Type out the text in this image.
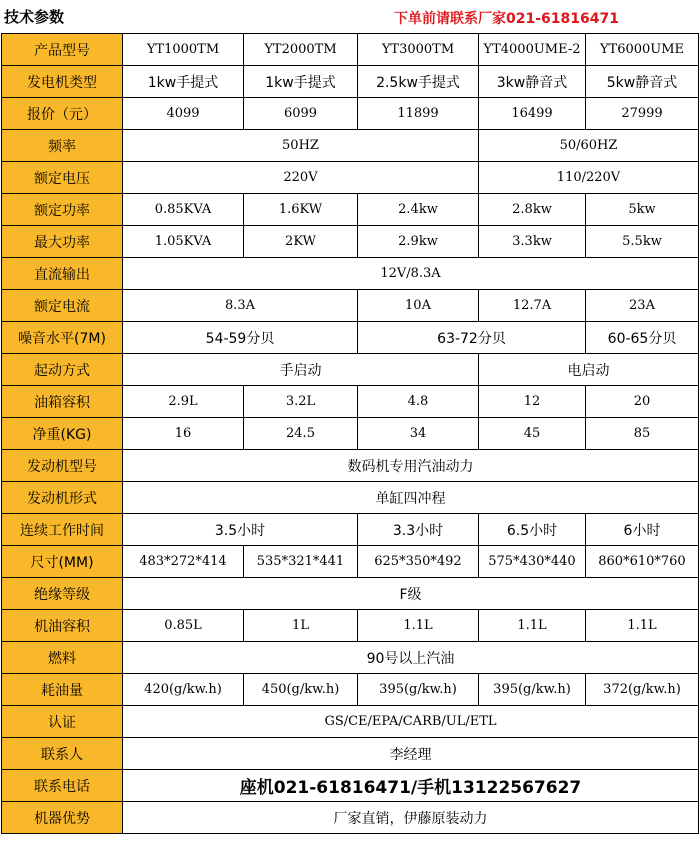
技术参数	下单前请联系厂家021-61816471
产品型号	YT1000TM	YT2000TM	YT3000TM	YT4000UME-2	YT6000UME
发电机类型	1kw手提式	1kw手提式	2.5kw手提式	3kw静音式	5kw静音式
报价（元）	4099	6099	11899	16499	27999
频率	50HZ			50/60HZ	
额定电压	220V			110/220V	
额定功率	0.85KVA	1.6KW	2.4kw	2.8kw	5kw
最大功率	1.05KVA	2KW	2.9kw	3.3kw	5.5kw
直流输出	12V/8.3A				
额定电流	8.3A		10A	12.7A	23A
噪音水平(7M)	54-59分贝		63-72分贝		60-65分贝
起动方式	手启动			电启动	
油箱容积	2.9L	3.2L	4.8	12	20
净重(KG)	16	24.5	34	45	85
发动机型号	数码机专用汽油动力				
发动机形式	单缸四冲程				
连续工作时间	3.5小时		3.3小时	6.5小时	6小时
尺寸(MM)	483*272*414	535*321*441	625*350*492	575*430*440	860*610*760
绝缘等级	F级				
机油容积	0.85L	1L	1.1L	1.1L	1.1L
燃料	90号以上汽油				
耗油量	420(g/kw.h)	450(g/kw.h)	395(g/kw.h)	395(g/kw.h)	372(g/kw.h)
认证	GS/CE/EPA/CARB/UL/ETL				
联系人	李经理				
联系电话	座机021-61816471/手机13122567627				
机器优势	厂家直销，伊藤原装动力				
